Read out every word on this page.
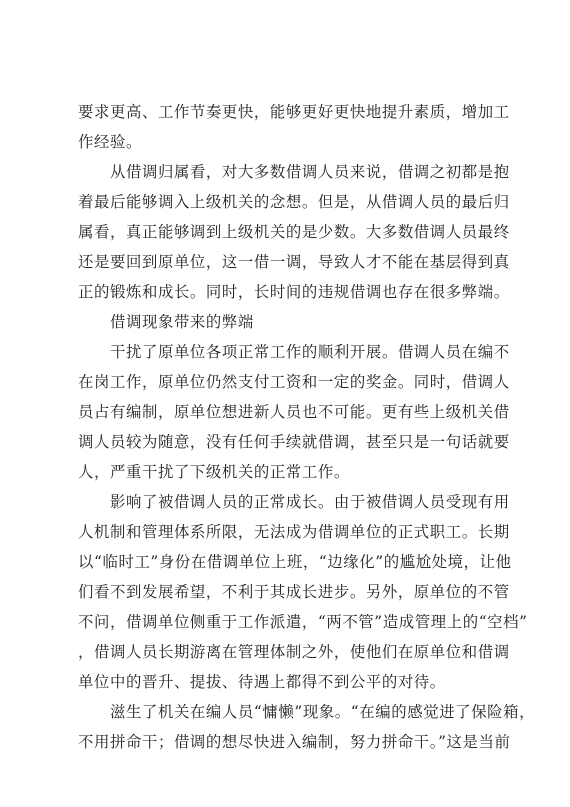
要求更高、工作节奏更快，能够更好更快地提升素质，增加工
作经验。
　　从借调归属看，对大多数借调人员来说，借调之初都是抱
着最后能够调入上级机关的念想。但是，从借调人员的最后归
属看，真正能够调到上级机关的是少数。大多数借调人员最终
还是要回到原单位，这一借一调，导致人才不能在基层得到真
正的锻炼和成长。同时，长时间的违规借调也存在很多弊端。
　　借调现象带来的弊端
　　干扰了原单位各项正常工作的顺利开展。借调人员在编不
在岗工作，原单位仍然支付工资和一定的奖金。同时，借调人
员占有编制，原单位想进新人员也不可能。更有些上级机关借
调人员较为随意，没有任何手续就借调，甚至只是一句话就要
人，严重干扰了下级机关的正常工作。
　　影响了被借调人员的正常成长。由于被借调人员受现有用
人机制和管理体系所限，无法成为借调单位的正式职工。长期
以“临时工”身份在借调单位上班，“边缘化”的尴尬处境，让他
们看不到发展希望，不利于其成长进步。另外，原单位的不管
不问，借调单位侧重于工作派遣，“两不管”造成管理上的“空档”
，借调人员长期游离在管理体制之外，使他们在原单位和借调
单位中的晋升、提拔、待遇上都得不到公平的对待。
　　滋生了机关在编人员“慵懒”现象。“在编的感觉进了保险箱，
不用拼命干；借调的想尽快进入编制，努力拼命干。”这是当前
